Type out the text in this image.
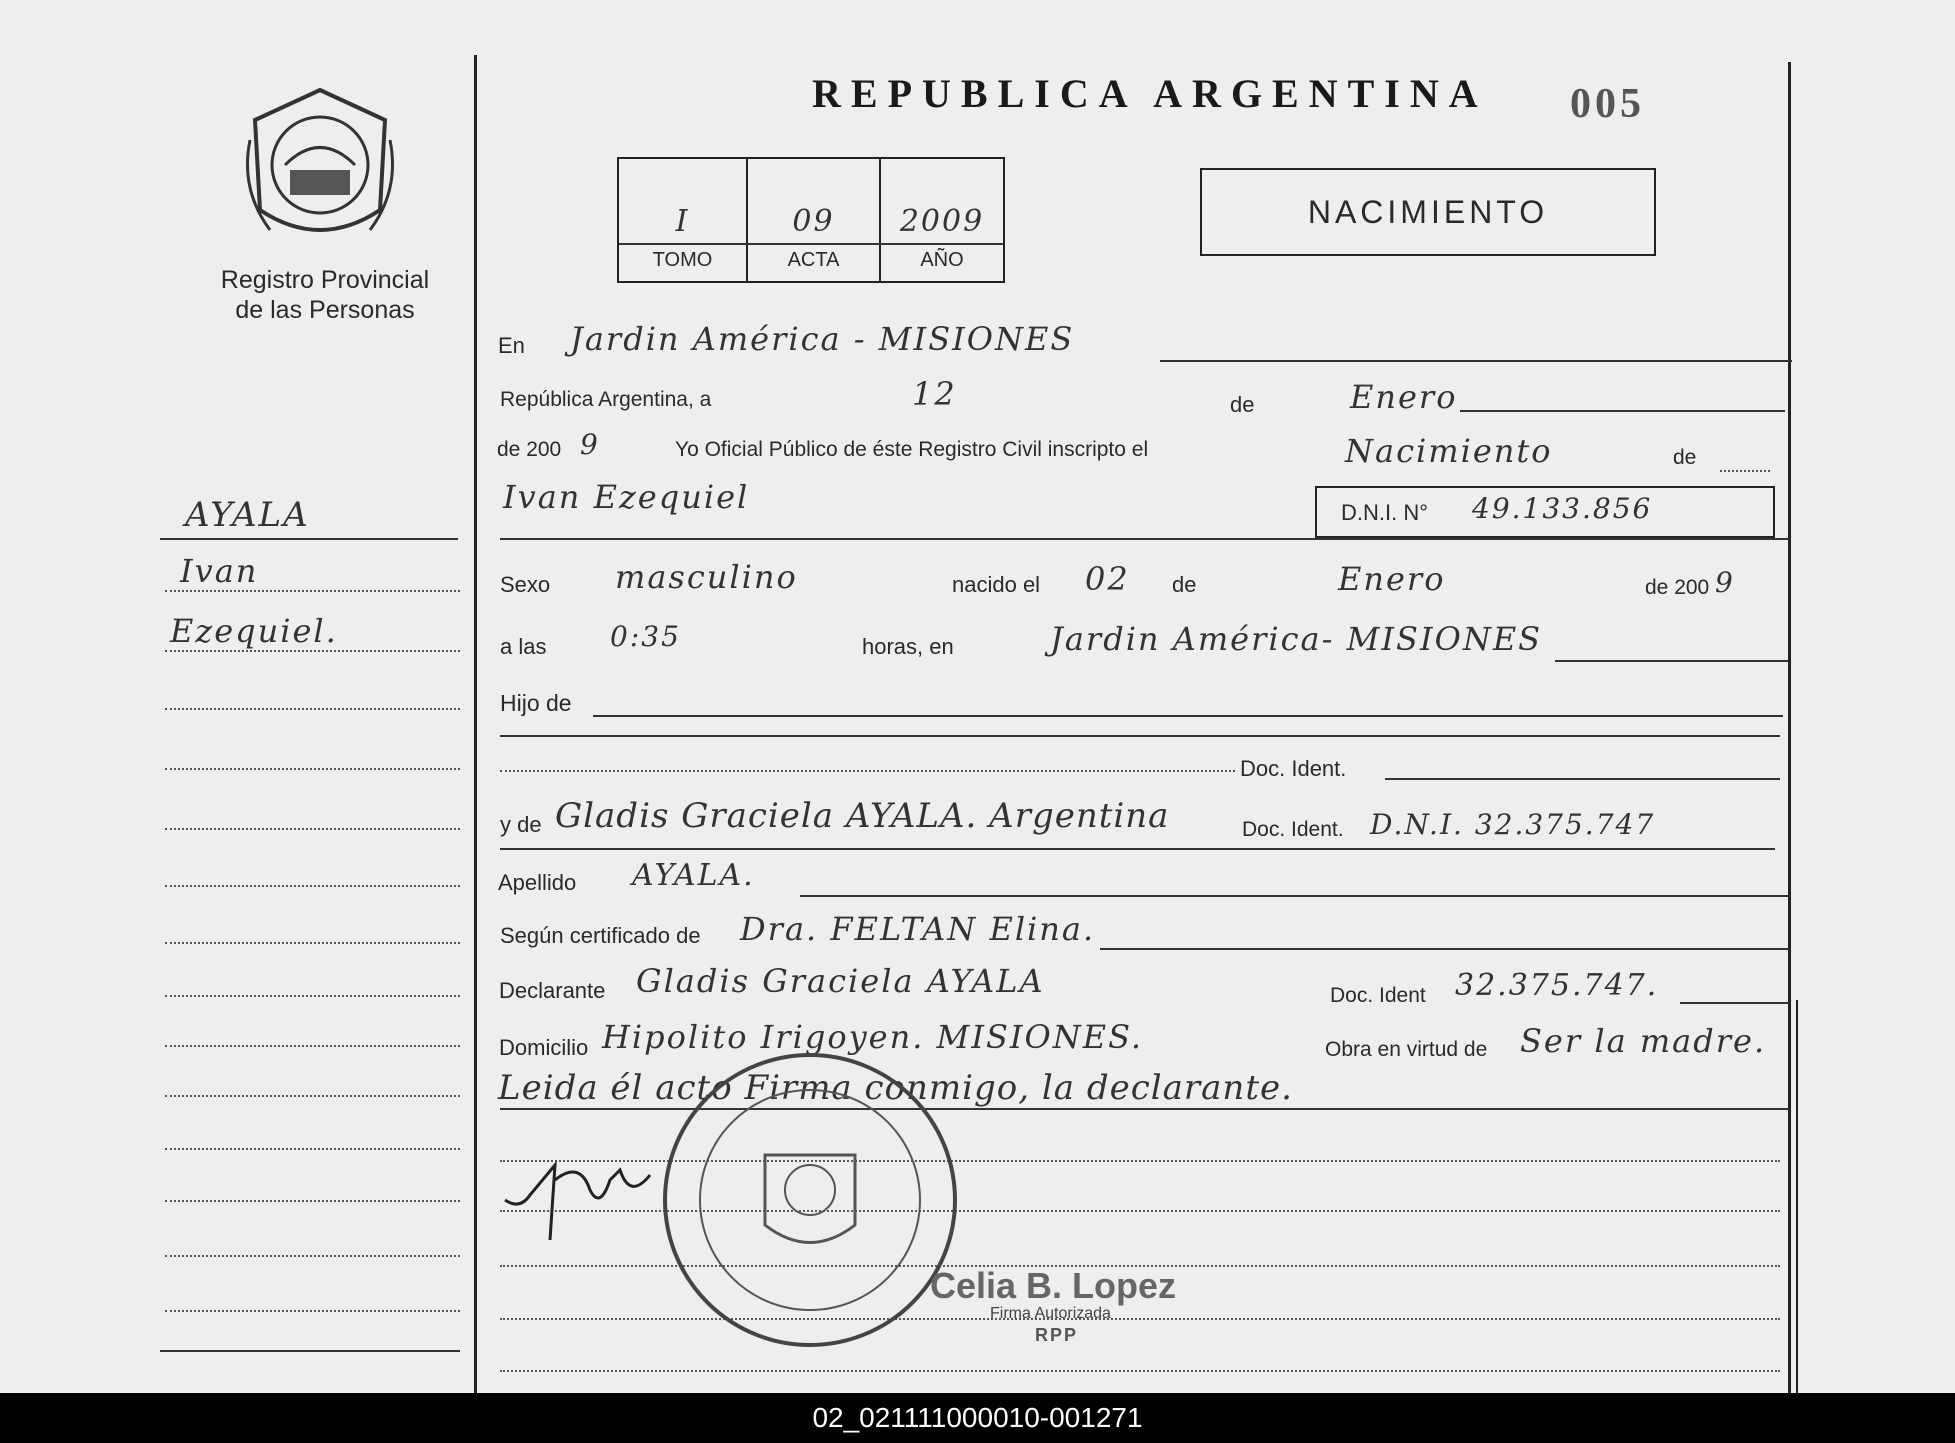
Registro Provincial
de las Personas
AYALA
Ivan
Ezequiel.
REPUBLICA ARGENTINA 005
NACIMIENTO
I	09	2009
TOMO	ACTA	AÑO
En Jardin América - MISIONES
República Argentina, a	12	de	Enero
de 200 9	Yo Oficial Público de éste Registro Civil inscripto el	Nacimiento	de
Ivan Ezequiel	D.N.I. N° 49.133.856
Sexo masculino	nacido el 02 de	Enero	de 200 9
a las 0:35	horas, en	Jardin América- MISIONES
Hijo de
Doc. Ident.
y de Gladis Graciela AYALA. Argentina	Doc. Ident. D.N.I. 32.375.747
Apellido AYALA.
Según certificado de Dra. FELTAN Elina.
Declarante Gladis Graciela AYALA	Doc. Ident 32.375.747.
Domicilio Hipolito Irigoyen. MISIONES.	Obra en virtud de Ser la madre.
Leida él acto Firma conmigo, la declarante.
Celia B. Lopez
Firma Autorizada
RPP
02_021111000010-001271
